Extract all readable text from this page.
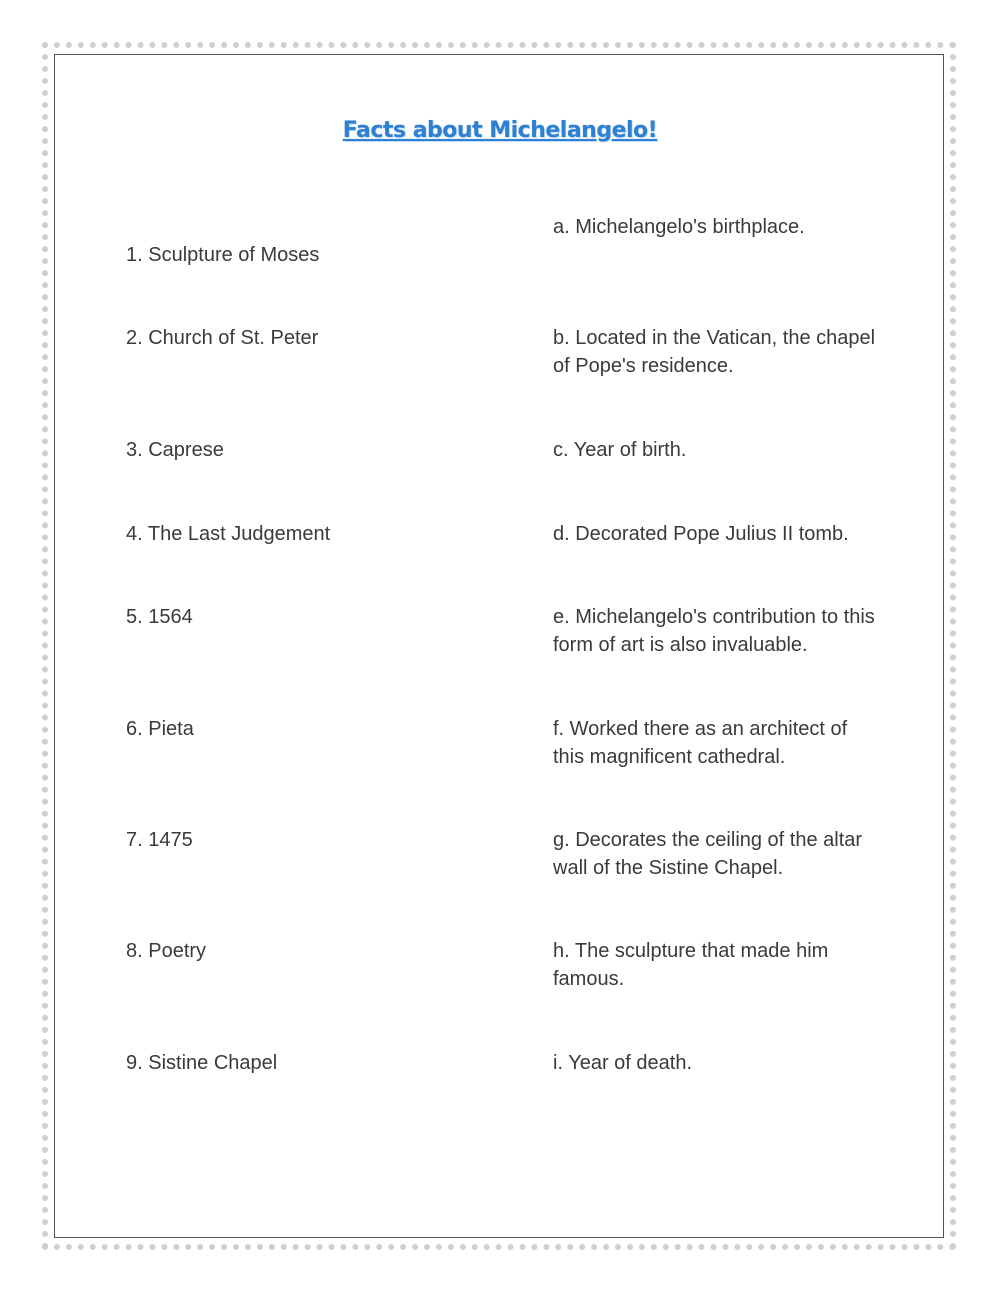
Facts about Michelangelo!
1. Sculpture of Moses
2. Church of St. Peter
3. Caprese
4. The Last Judgement
5. 1564
6. Pieta
7. 1475
8. Poetry
9. Sistine Chapel
a. Michelangelo's birthplace.
b. Located in the Vatican, the chapel of Pope's residence.
c. Year of birth.
d. Decorated Pope Julius II tomb.
e. Michelangelo's contribution to this form of art is also invaluable.
f. Worked there as an architect of this magnificent cathedral.
g. Decorates the ceiling of the altar wall of the Sistine Chapel.
h. The sculpture that made him famous.
i. Year of death.
